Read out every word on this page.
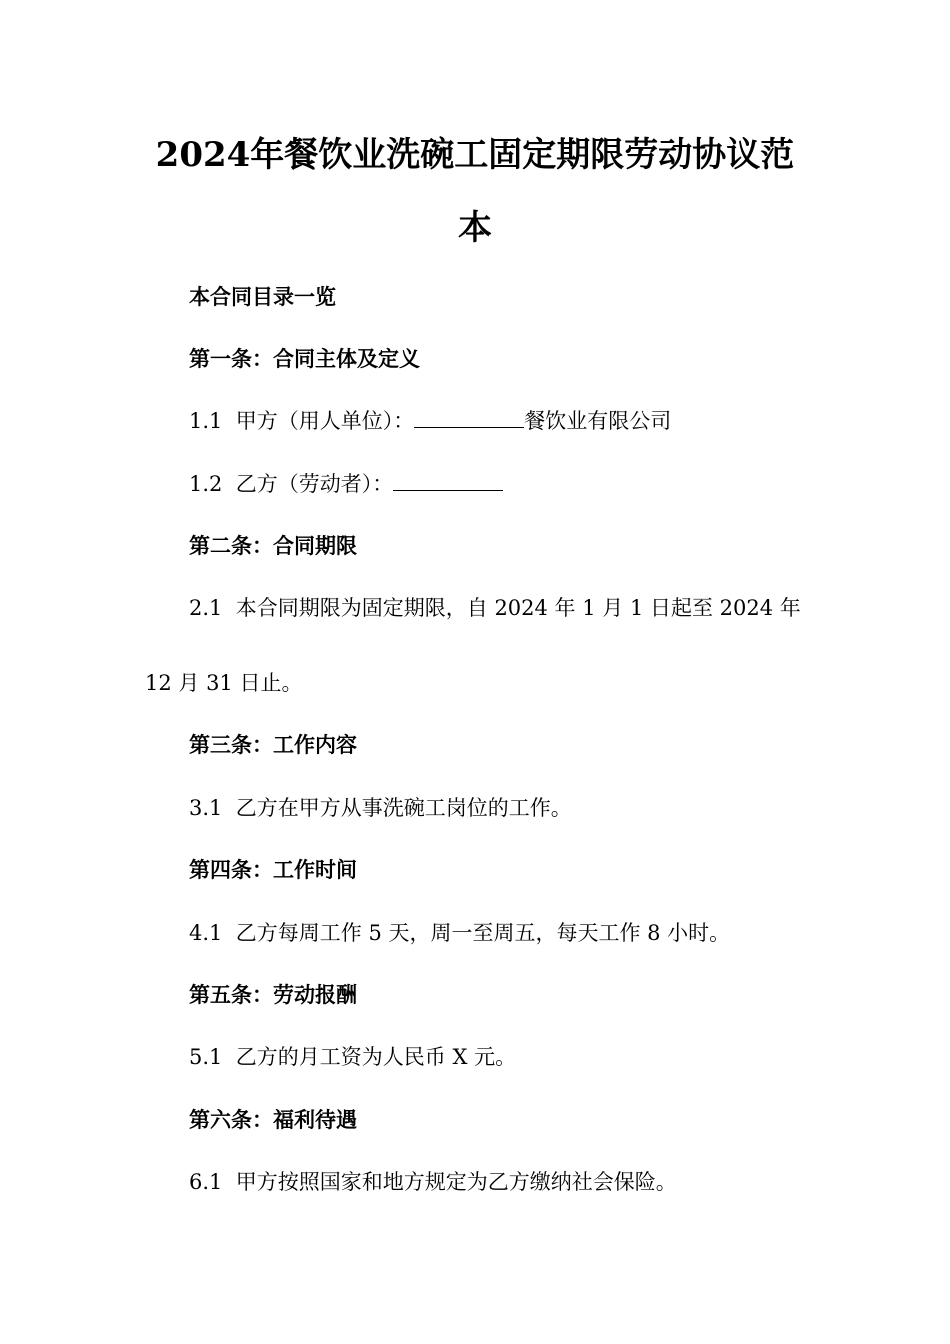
2024年餐饮业洗碗工固定期限劳动协议范
本

本合同目录一览

第一条：合同主体及定义

1.1 甲方（用人单位）：	餐饮业有限公司

1.2 乙方（劳动者）：

第二条：合同期限

2.1 本合同期限为固定期限，自 2024 年 1 月 1 日起至 2024 年

12 月 31 日止。

第三条：工作内容

3.1 乙方在甲方从事洗碗工岗位的工作。

第四条：工作时间

4.1 乙方每周工作 5 天，周一至周五，每天工作 8 小时。

第五条：劳动报酬

5.1 乙方的月工资为人民币 X 元。

第六条：福利待遇

6.1 甲方按照国家和地方规定为乙方缴纳社会保险。
